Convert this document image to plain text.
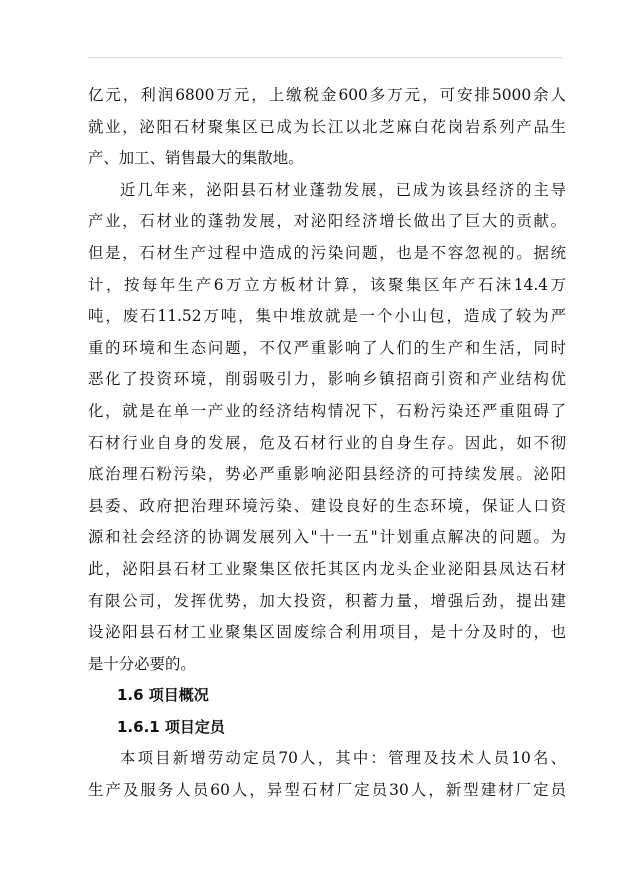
亿元，利润6800万元，上缴税金600多万元，可安排5000余人
就业，泌阳石材聚集区已成为长江以北芝麻白花岗岩系列产品生
产、加工、销售最大的集散地。
近几年来，泌阳县石材业蓬勃发展，已成为该县经济的主导
产业，石材业的蓬勃发展，对泌阳经济增长做出了巨大的贡献。
但是，石材生产过程中造成的污染问题，也是不容忽视的。据统
计，按每年生产6万立方板材计算，该聚集区年产石沫14.4万
吨，废石11.52万吨，集中堆放就是一个小山包，造成了较为严
重的环境和生态问题，不仅严重影响了人们的生产和生活，同时
恶化了投资环境，削弱吸引力，影响乡镇招商引资和产业结构优
化，就是在单一产业的经济结构情况下，石粉污染还严重阻碍了
石材行业自身的发展，危及石材行业的自身生存。因此，如不彻
底治理石粉污染，势必严重影响泌阳县经济的可持续发展。泌阳
县委、政府把治理环境污染、建设良好的生态环境，保证人口资
源和社会经济的协调发展列入"十一五"计划重点解决的问题。为
此，泌阳县石材工业聚集区依托其区内龙头企业泌阳县凤达石材
有限公司，发挥优势，加大投资，积蓄力量，增强后劲，提出建
设泌阳县石材工业聚集区固废综合利用项目，是十分及时的，也
是十分必要的。
1.6 项目概况
1.6.1 项目定员
本项目新增劳动定员70人，其中：管理及技术人员10名、
生产及服务人员60人，异型石材厂定员30人，新型建材厂定员
